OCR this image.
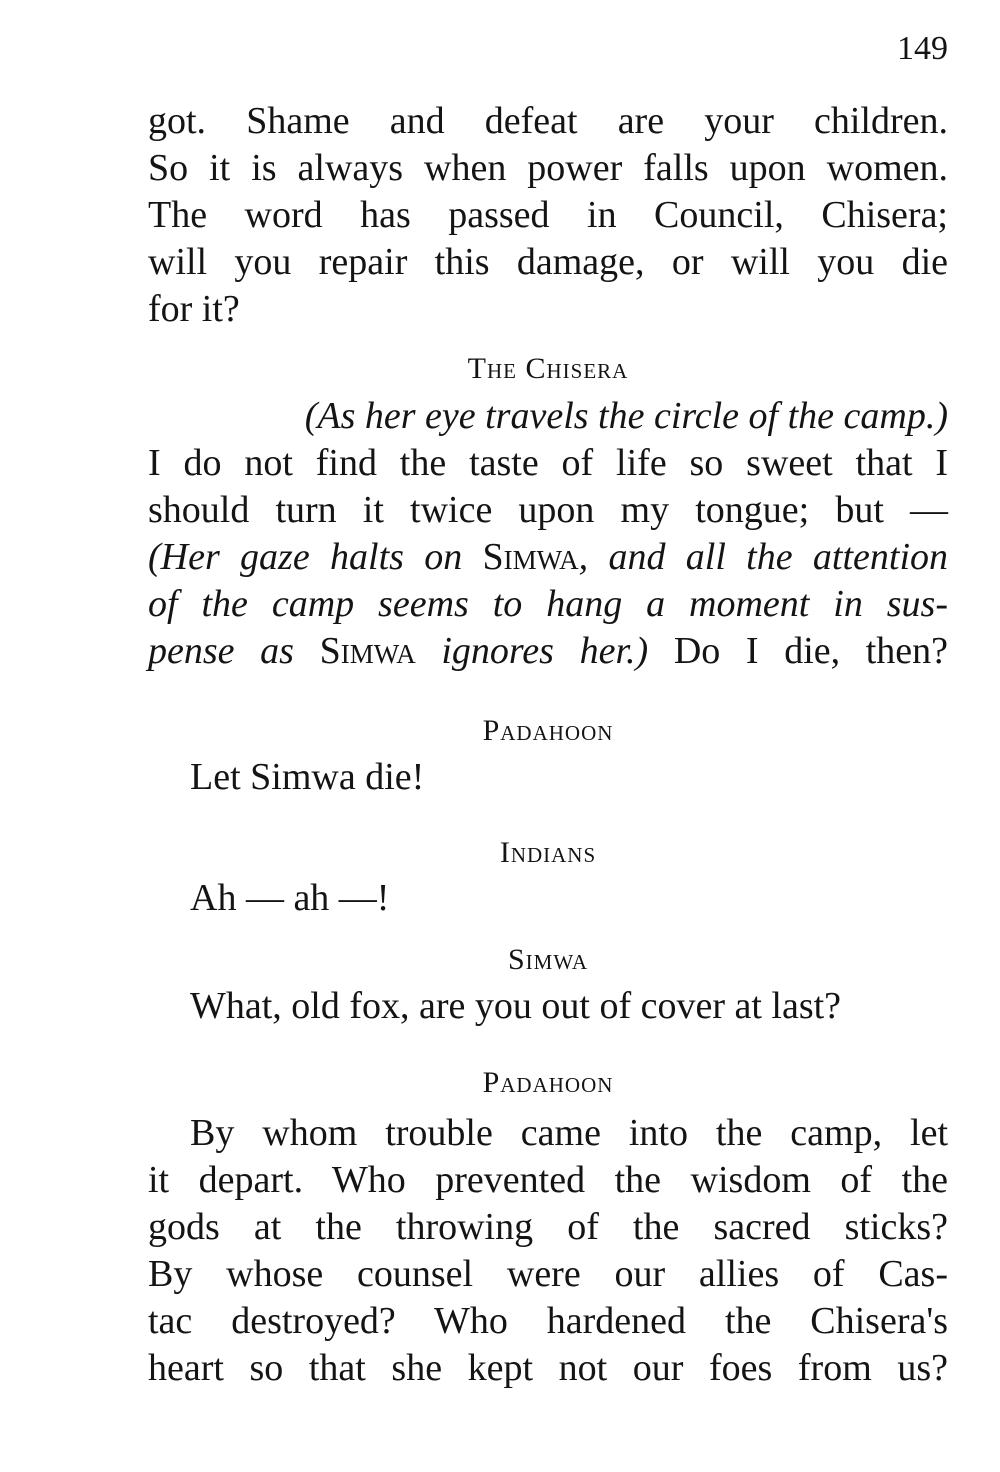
149
got. Shame and defeat are your children.
So it is always when power falls upon women.
The word has passed in Council, Chisera;
will you repair this damage, or will you die
for it?
The Chisera
(As her eye travels the circle of the camp.)
I do not find the taste of life so sweet that I
should turn it twice upon my tongue; but —
(Her gaze halts on Simwa, and all the attention
of the camp seems to hang a moment in sus-
pense as Simwa ignores her.) Do I die, then?
Padahoon
Let Simwa die!
Indians
Ah — ah —!
Simwa
What, old fox, are you out of cover at last?
Padahoon
By whom trouble came into the camp, let
it depart. Who prevented the wisdom of the
gods at the throwing of the sacred sticks?
By whose counsel were our allies of Cas-
tac destroyed? Who hardened the Chisera's
heart so that she kept not our foes from us?
